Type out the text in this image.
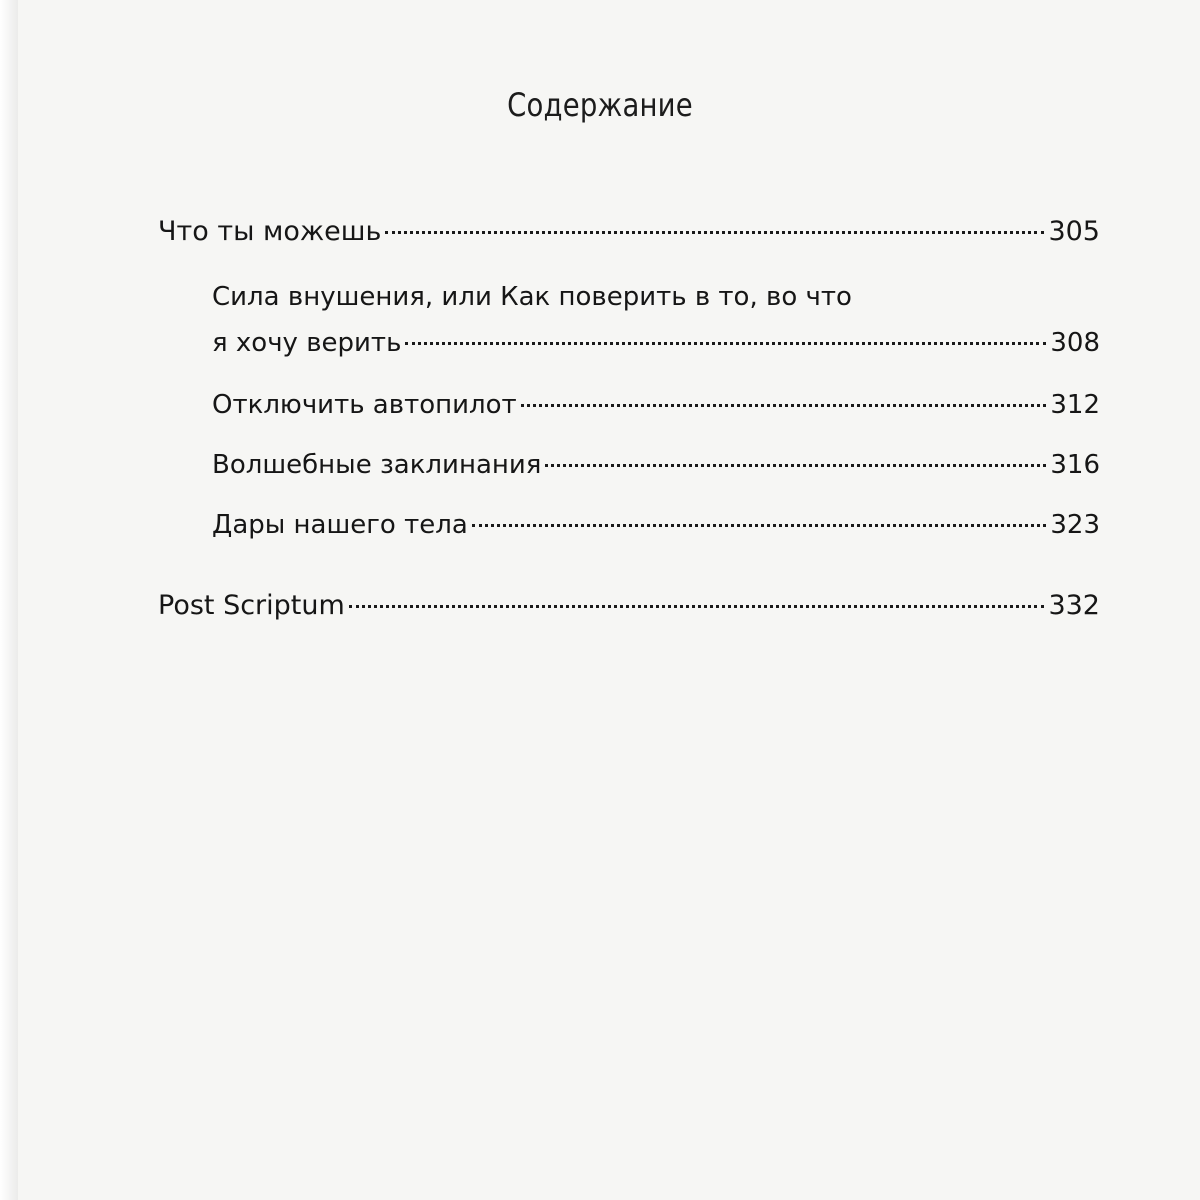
Содержание
Что ты можешь	305
Сила внушения, или Как поверить в то, во что
я хочу верить	308
Отключить автопилот	312
Волшебные заклинания	316
Дары нашего тела	323
Post Scriptum	332
